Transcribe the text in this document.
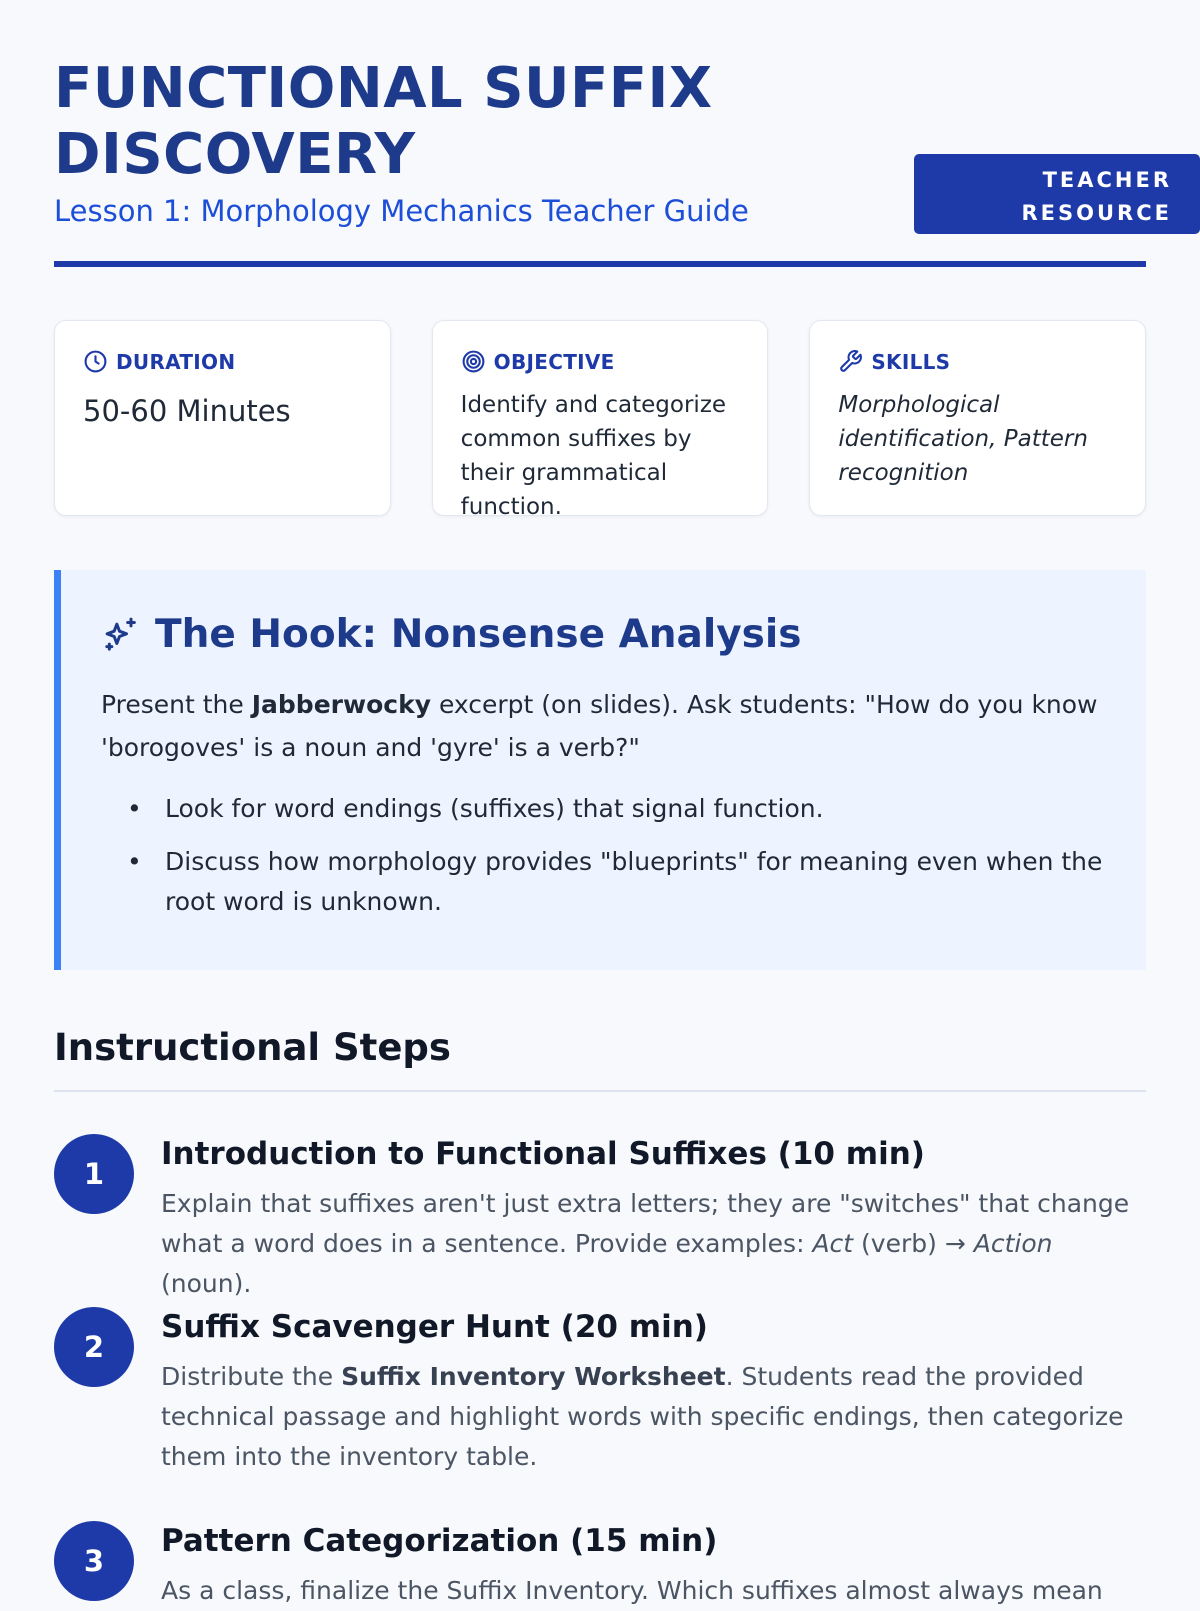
FUNCTIONAL SUFFIX DISCOVERY
Lesson 1: Morphology Mechanics Teacher Guide
TEACHER
RESOURCE
DURATION
50-60 Minutes
OBJECTIVE
Identify and categorize common suffixes by their grammatical function.
SKILLS
Morphological identification, Pattern recognition
The Hook: Nonsense Analysis

Present the Jabberwocky excerpt (on slides). Ask students: "How do you know 'borogoves' is a noun and 'gyre' is a verb?"

• Look for word endings (suffixes) that signal function.
• Discuss how morphology provides "blueprints" for meaning even when the root word is unknown.
Instructional Steps
1
Introduction to Functional Suffixes (10 min)

Explain that suffixes aren't just extra letters; they are "switches" that change what a word does in a sentence. Provide examples: Act (verb) → Action (noun).

2
Suffix Scavenger Hunt (20 min)

Distribute the Suffix Inventory Worksheet. Students read the provided technical passage and highlight words with specific endings, then categorize them into the inventory table.

3
Pattern Categorization (15 min)

As a class, finalize the Suffix Inventory. Which suffixes almost always mean
